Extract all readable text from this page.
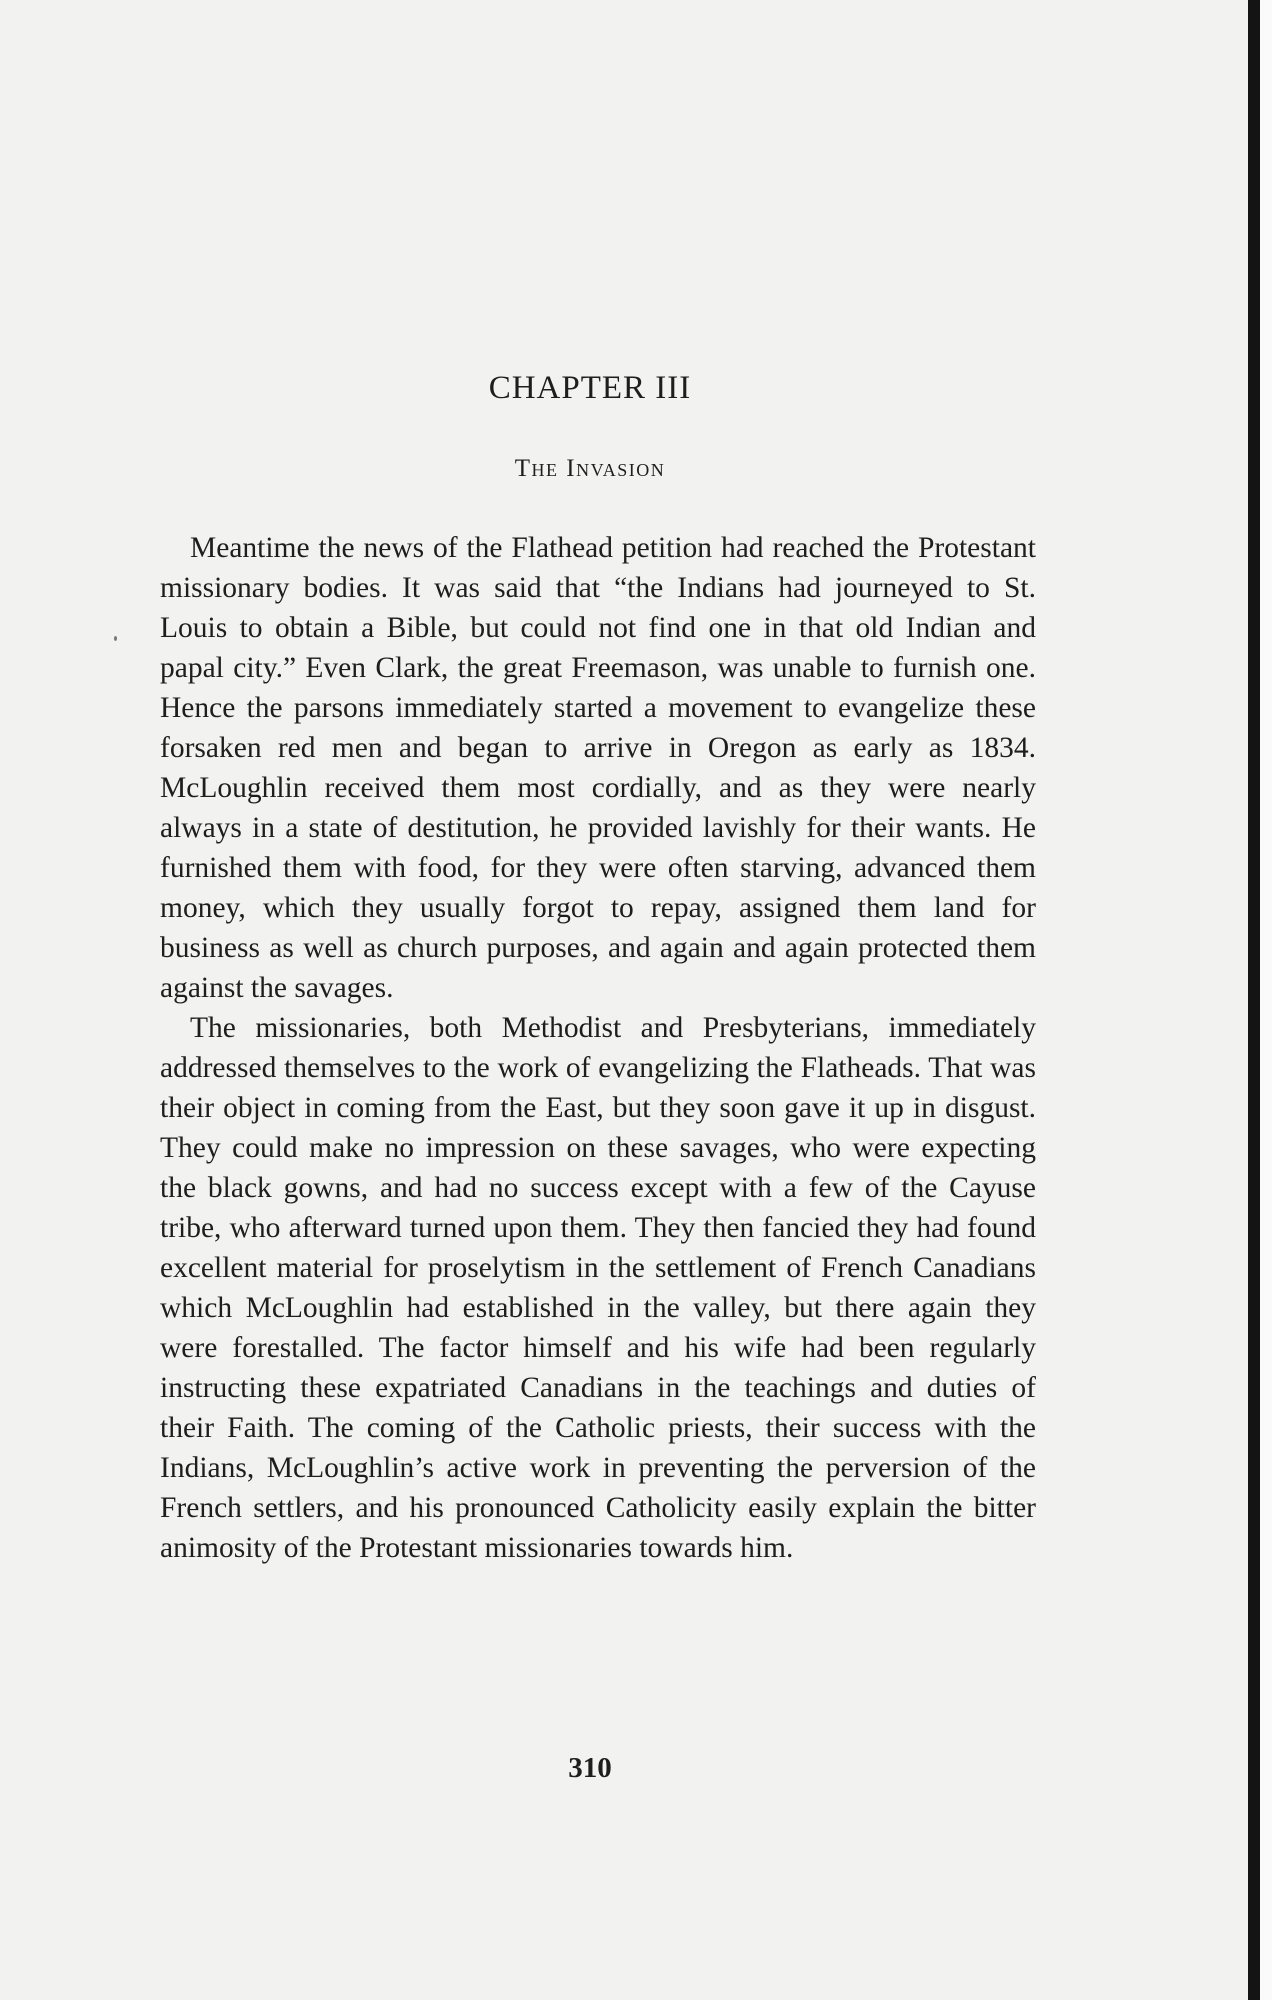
CHAPTER III
The Invasion

Meantime the news of the Flathead petition had reached the Protestant missionary bodies. It was said that “the Indians had journeyed to St. Louis to obtain a Bible, but could not find one in that old Indian and papal city.” Even Clark, the great Freemason, was unable to furnish one. Hence the parsons immediately started a movement to evangelize these forsaken red men and began to arrive in Oregon as early as 1834. McLoughlin received them most cordially, and as they were nearly always in a state of destitution, he provided lavishly for their wants. He furnished them with food, for they were often starving, advanced them money, which they usually forgot to repay, assigned them land for business as well as church purposes, and again and again protected them against the savages.

The missionaries, both Methodist and Presbyterians, immediately addressed themselves to the work of evangelizing the Flatheads. That was their object in coming from the East, but they soon gave it up in disgust. They could make no impression on these savages, who were expecting the black gowns, and had no success except with a few of the Cayuse tribe, who afterward turned upon them. They then fancied they had found excellent material for proselytism in the settlement of French Canadians which McLoughlin had established in the valley, but there again they were forestalled. The factor himself and his wife had been regularly instructing these expatriated Canadians in the teachings and duties of their Faith. The coming of the Catholic priests, their success with the Indians, McLoughlin’s active work in preventing the perversion of the French settlers, and his pronounced Catholicity easily explain the bitter animosity of the Protestant missionaries towards him.

310
